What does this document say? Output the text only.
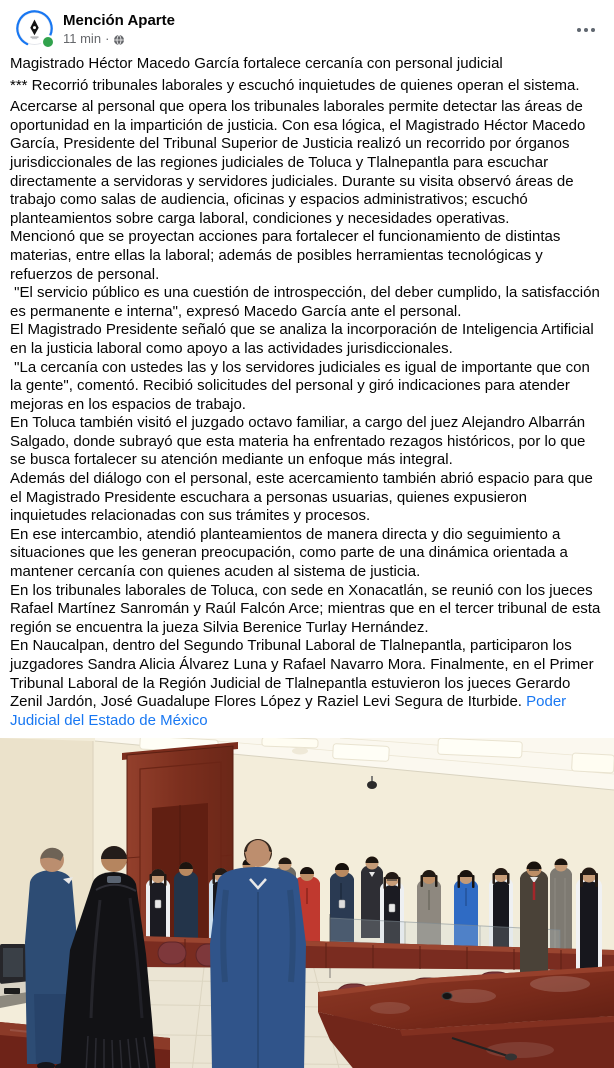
Mención Aparte
11 min ·
Magistrado Héctor Macedo García fortalece cercanía con personal judicial
*** Recorrió tribunales laborales y escuchó inquietudes de quienes operan el sistema.
Acercarse al personal que opera los tribunales laborales permite detectar las áreas de oportunidad en la impartición de justicia. Con esa lógica, el Magistrado Héctor Macedo García, Presidente del Tribunal Superior de Justicia realizó un recorrido por órganos jurisdiccionales de las regiones judiciales de Toluca y Tlalnepantla para escuchar directamente a servidoras y servidores judiciales. Durante su visita observó áreas de trabajo como salas de audiencia, oficinas y espacios administrativos; escuchó planteamientos sobre carga laboral, condiciones y necesidades operativas.
Mencionó que se proyectan acciones para fortalecer el funcionamiento de distintas materias, entre ellas la laboral; además de posibles herramientas tecnológicas y refuerzos de personal.
"El servicio público es una cuestión de introspección, del deber cumplido, la satisfacción es permanente e interna", expresó Macedo García ante el personal.
El Magistrado Presidente señaló que se analiza la incorporación de Inteligencia Artificial en la justicia laboral como apoyo a las actividades jurisdiccionales.
"La cercanía con ustedes las y los servidores judiciales es igual de importante que con la gente", comentó. Recibió solicitudes del personal y giró indicaciones para atender mejoras en los espacios de trabajo.
En Toluca también visitó el juzgado octavo familiar, a cargo del juez Alejandro Albarrán Salgado, donde subrayó que esta materia ha enfrentado rezagos históricos, por lo que se busca fortalecer su atención mediante un enfoque más integral.
Además del diálogo con el personal, este acercamiento también abrió espacio para que el Magistrado Presidente escuchara a personas usuarias, quienes expusieron inquietudes relacionadas con sus trámites y procesos.
En ese intercambio, atendió planteamientos de manera directa y dio seguimiento a situaciones que les generan preocupación, como parte de una dinámica orientada a mantener cercanía con quienes acuden al sistema de justicia.
En los tribunales laborales de Toluca, con sede en Xonacatlán, se reunió con los jueces Rafael Martínez Sanromán y Raúl Falcón Arce; mientras que en el tercer tribunal de esta región se encuentra la jueza Silvia Berenice Turlay Hernández.
En Naucalpan, dentro del Segundo Tribunal Laboral de Tlalnepantla, participaron los juzgadores Sandra Alicia Álvarez Luna y Rafael Navarro Mora. Finalmente, en el Primer Tribunal Laboral de la Región Judicial de Tlalnepantla estuvieron los jueces Gerardo Zenil Jardón, José Guadalupe Flores López y Raziel Levi Segura de Iturbide. Poder Judicial del Estado de México
